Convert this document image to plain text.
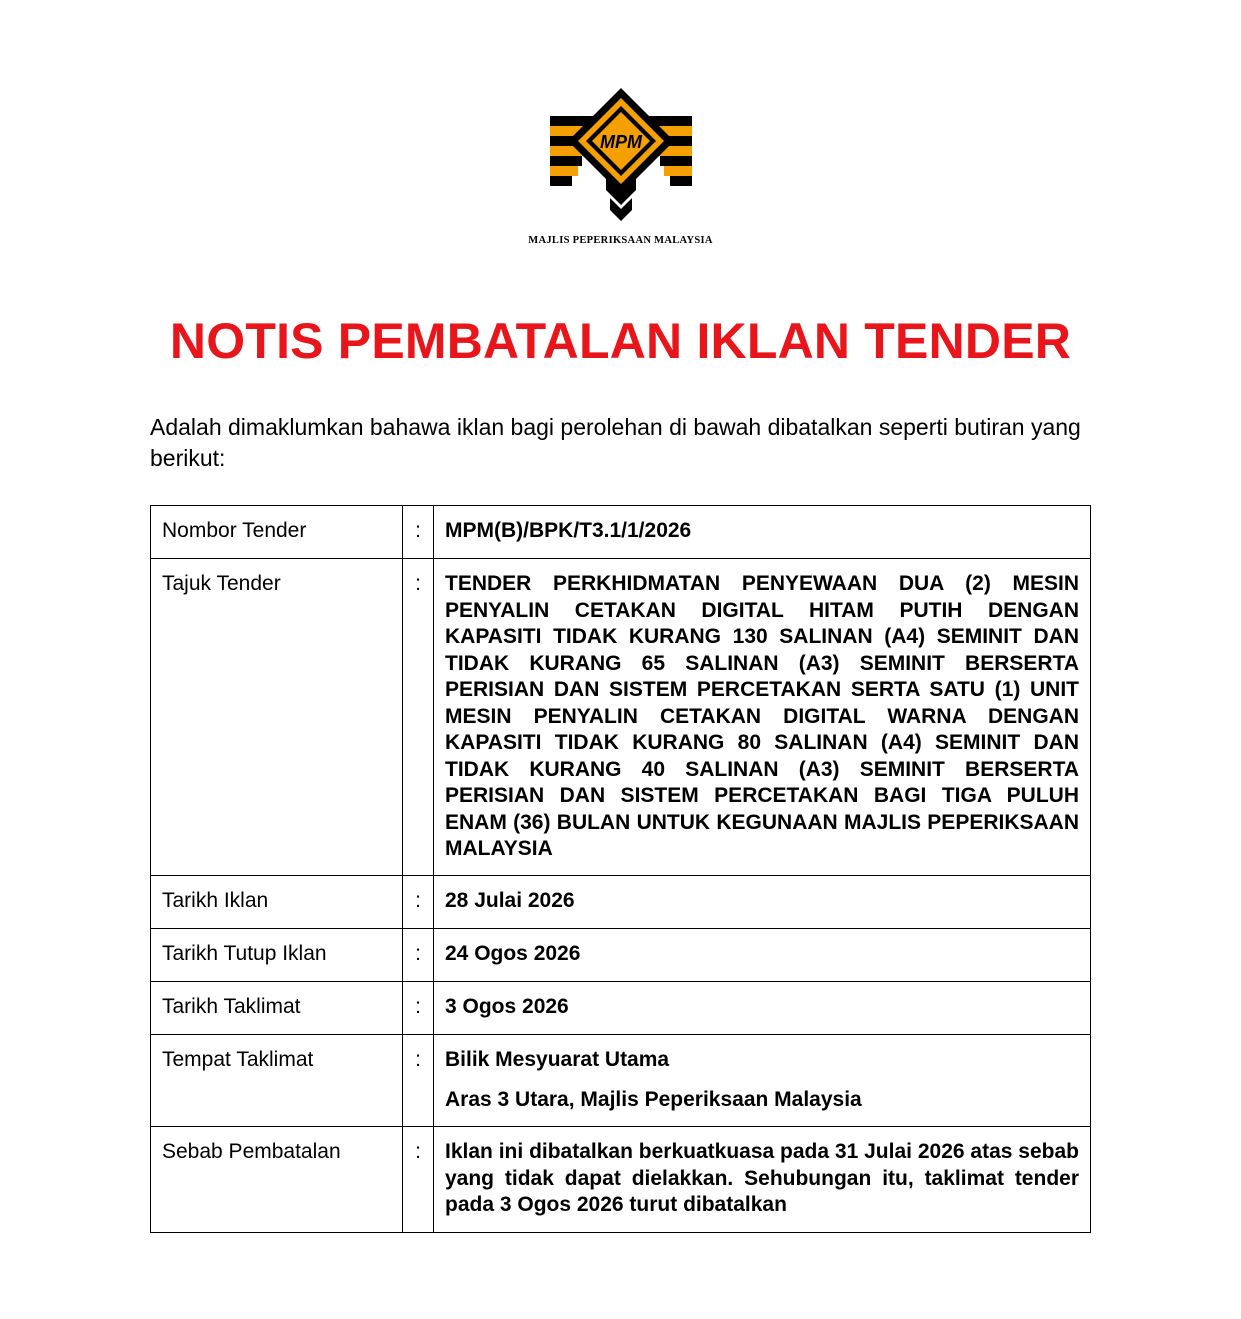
MPM
MAJLIS PEPERIKSAAN MALAYSIA
NOTIS PEMBATALAN IKLAN TENDER
Adalah dimaklumkan bahawa iklan bagi perolehan di bawah dibatalkan seperti butiran yang berikut:
Nombor Tender	:	MPM(B)/BPK/T3.1/1/2026
Tajuk Tender	:	TENDER PERKHIDMATAN PENYEWAAN DUA (2) MESIN PENYALIN CETAKAN DIGITAL HITAM PUTIH DENGAN KAPASITI TIDAK KURANG 130 SALINAN (A4) SEMINIT DAN TIDAK KURANG 65 SALINAN (A3) SEMINIT BERSERTA PERISIAN DAN SISTEM PERCETAKAN SERTA SATU (1) UNIT MESIN PENYALIN CETAKAN DIGITAL WARNA DENGAN KAPASITI TIDAK KURANG 80 SALINAN (A4) SEMINIT DAN TIDAK KURANG 40 SALINAN (A3) SEMINIT BERSERTA PERISIAN DAN SISTEM PERCETAKAN BAGI TIGA PULUH ENAM (36) BULAN UNTUK KEGUNAAN MAJLIS PEPERIKSAAN MALAYSIA
Tarikh Iklan	:	28 Julai 2026
Tarikh Tutup Iklan	:	24 Ogos 2026
Tarikh Taklimat	:	3 Ogos 2026
Tempat Taklimat	:	Bilik Mesyuarat Utama

Aras 3 Utara, Majlis Peperiksaan Malaysia

Sebab Pembatalan	:	Iklan ini dibatalkan berkuatkuasa pada 31 Julai 2026 atas sebab yang tidak dapat dielakkan. Sehubungan itu, taklimat tender pada 3 Ogos 2026 turut dibatalkan
